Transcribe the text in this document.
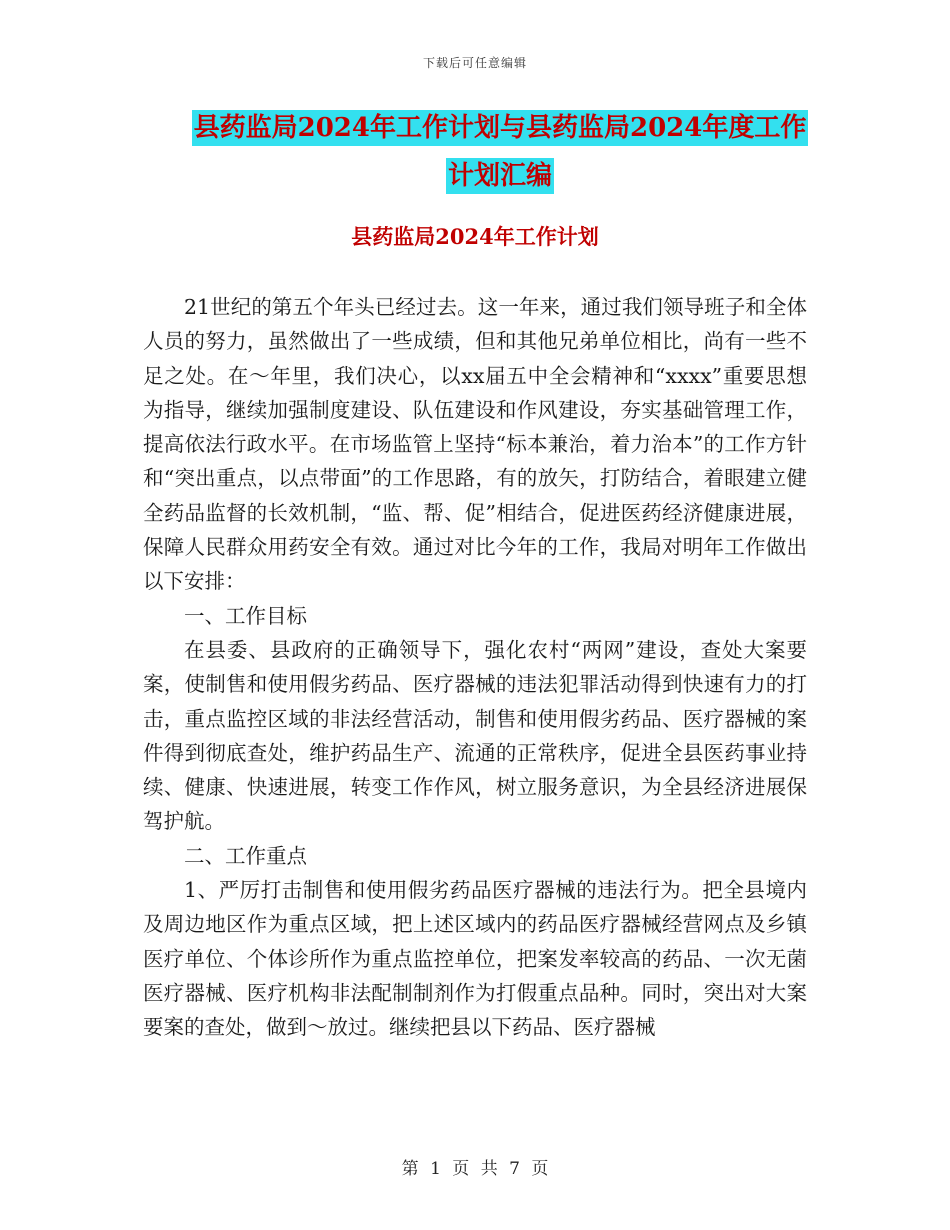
下载后可任意编辑
县药监局2024年工作计划与县药监局2024年度工作
计划汇编
县药监局2024年工作计划

21世纪的第五个年头已经过去。这一年来，通过我们领导班子和全体人员的努力，虽然做出了一些成绩，但和其他兄弟单位相比，尚有一些不足之处。在～年里，我们决心，以xx届五中全会精神和“xxxx”重要思想为指导，继续加强制度建设、队伍建设和作风建设，夯实基础管理工作，提高依法行政水平。在市场监管上坚持“标本兼治，着力治本”的工作方针和“突出重点，以点带面”的工作思路，有的放矢，打防结合，着眼建立健全药品监督的长效机制，“监、帮、促”相结合，促进医药经济健康进展，保障人民群众用药安全有效。通过对比今年的工作，我局对明年工作做出以下安排：

一、工作目标

在县委、县政府的正确领导下，强化农村“两网”建设，查处大案要案，使制售和使用假劣药品、医疗器械的违法犯罪活动得到快速有力的打击，重点监控区域的非法经营活动，制售和使用假劣药品、医疗器械的案件得到彻底查处，维护药品生产、流通的正常秩序，促进全县医药事业持续、健康、快速进展，转变工作作风，树立服务意识，为全县经济进展保驾护航。

二、工作重点

1、严厉打击制售和使用假劣药品医疗器械的违法行为。把全县境内及周边地区作为重点区域，把上述区域内的药品医疗器械经营网点及乡镇医疗单位、个体诊所作为重点监控单位，把案发率较高的药品、一次无菌医疗器械、医疗机构非法配制制剂作为打假重点品种。同时，突出对大案要案的查处，做到～放过。继续把县以下药品、医疗器械

第 1 页 共 7 页
